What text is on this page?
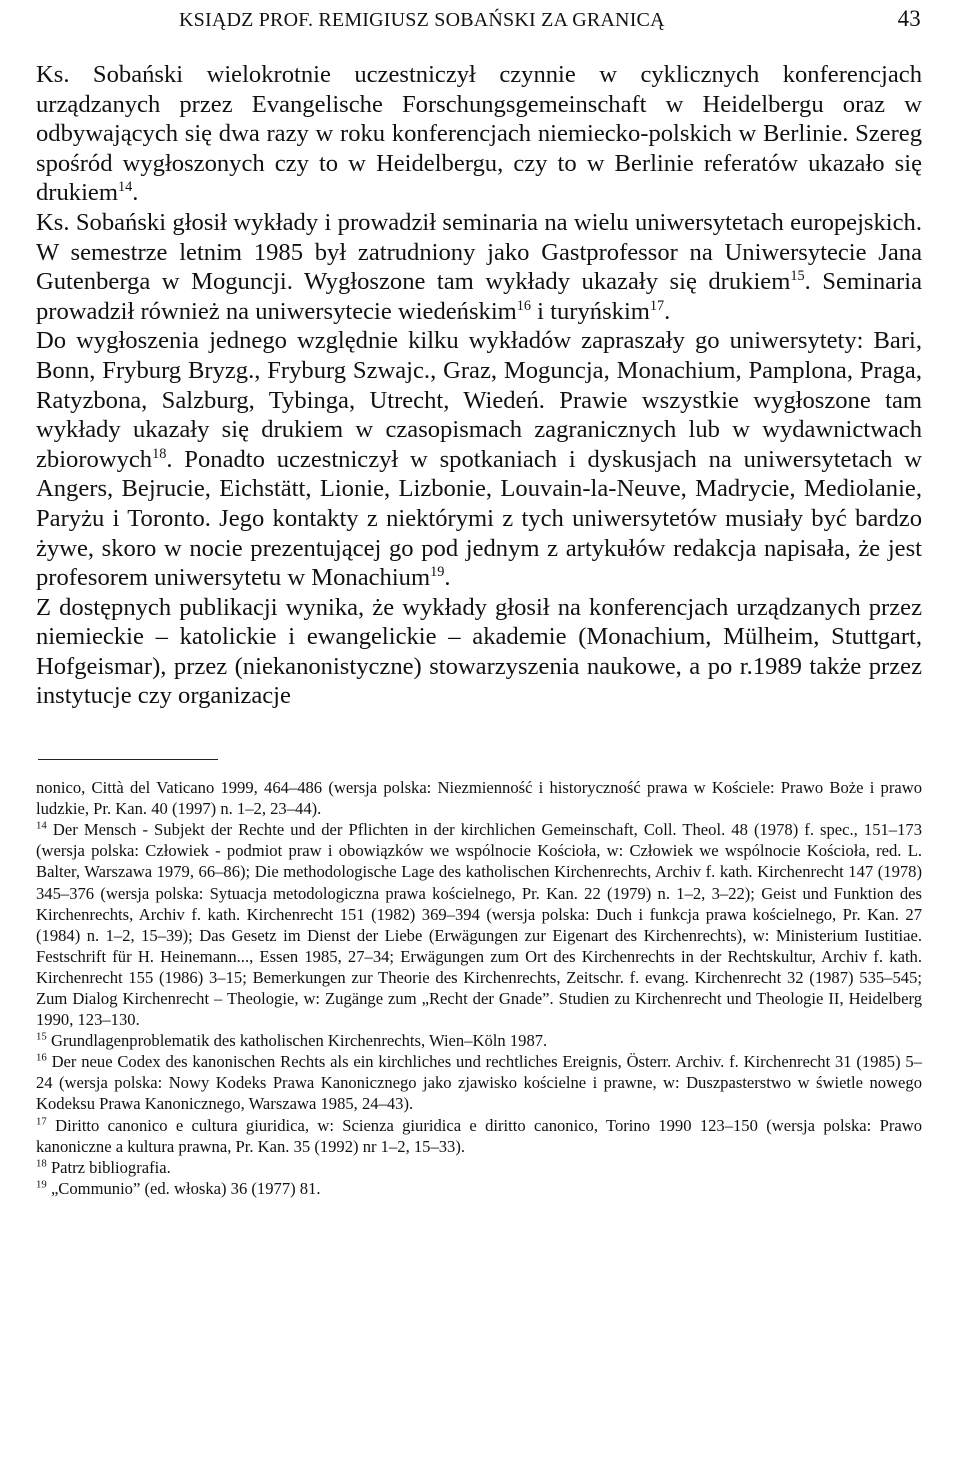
KSIĄDZ PROF. REMIGIUSZ SOBAŃSKI ZA GRANICĄ	43

Ks. Sobański wielokrotnie uczestniczył czynnie w cyklicznych konferencjach urządzanych przez Evangelische Forschungsgemeinschaft w Heidelbergu oraz w odbywających się dwa razy w roku konferencjach niemiecko-polskich w Berlinie. Szereg spośród wygłoszonych czy to w Heidelbergu, czy to w Berlinie referatów ukazało się drukiem$^{14}$.

Ks. Sobański głosił wykłady i prowadził seminaria na wielu uniwersytetach europejskich. W semestrze letnim 1985 był zatrudniony jako Gastprofessor na Uniwersytecie Jana Gutenberga w Moguncji. Wygłoszone tam wykłady ukazały się drukiem$^{15}$. Seminaria prowadził również na uniwersytecie wiedeńskim$^{16}$ i turyńskim$^{17}$.

Do wygłoszenia jednego względnie kilku wykładów zapraszały go uniwersytety: Bari, Bonn, Fryburg Bryzg., Fryburg Szwajc., Graz, Moguncja, Monachium, Pamplona, Praga, Ratyzbona, Salzburg, Tybinga, Utrecht, Wiedeń. Prawie wszystkie wygłoszone tam wykłady ukazały się drukiem w czasopismach zagranicznych lub w wydawnictwach zbiorowych$^{18}$. Ponadto uczestniczył w spotkaniach i dyskusjach na uniwersytetach w Angers, Bejrucie, Eichstätt, Lionie, Lizbonie, Louvain-la-Neuve, Madrycie, Mediolanie, Paryżu i Toronto. Jego kontakty z niektórymi z tych uniwersytetów musiały być bardzo żywe, skoro w nocie prezentującej go pod jednym z artykułów redakcja napisała, że jest profesorem uniwersytetu w Monachium$^{19}$.

Z dostępnych publikacji wynika, że wykłady głosił na konferencjach urządzanych przez niemieckie – katolickie i ewangelickie – akademie (Monachium, Mülheim, Stuttgart, Hofgeismar), przez (niekanonistyczne) stowarzyszenia naukowe, a po r.1989 także przez instytucje czy organizacje

nonico, Città del Vaticano 1999, 464–486 (wersja polska: Niezmienność i historyczność prawa w Kościele: Prawo Boże i prawo ludzkie, Pr. Kan. 40 (1997) n. 1–2, 23–44).

$^{14}$ Der Mensch - Subjekt der Rechte und der Pflichten in der kirchlichen Gemeinschaft, Coll. Theol. 48 (1978) f. spec., 151–173 (wersja polska: Człowiek - podmiot praw i obowiązków we wspólnocie Kościoła, w: Człowiek we wspólnocie Kościoła, red. L. Balter, Warszawa 1979, 66–86); Die methodologische Lage des katholischen Kirchenrechts, Archiv f. kath. Kirchenrecht 147 (1978) 345–376 (wersja polska: Sytuacja metodologiczna prawa kościelnego, Pr. Kan. 22 (1979) n. 1–2, 3–22); Geist und Funktion des Kirchenrechts, Archiv f. kath. Kirchenrecht 151 (1982) 369–394 (wersja polska: Duch i funkcja prawa kościelnego, Pr. Kan. 27 (1984) n. 1–2, 15–39); Das Gesetz im Dienst der Liebe (Erwägungen zur Eigenart des Kirchenrechts), w: Ministerium Iustitiae. Festschrift für H. Heinemann..., Essen 1985, 27–34; Erwägungen zum Ort des Kirchenrechts in der Rechtskultur, Archiv f. kath. Kirchenrecht 155 (1986) 3–15; Bemerkungen zur Theorie des Kirchenrechts, Zeitschr. f. evang. Kirchenrecht 32 (1987) 535–545; Zum Dialog Kirchenrecht – Theologie, w: Zugänge zum „Recht der Gnade”. Studien zu Kirchenrecht und Theologie II, Heidelberg 1990, 123–130.

$^{15}$ Grundlagenproblematik des katholischen Kirchenrechts, Wien–Köln 1987.

$^{16}$ Der neue Codex des kanonischen Rechts als ein kirchliches und rechtliches Ereignis, Österr. Archiv. f. Kirchenrecht 31 (1985) 5–24 (wersja polska: Nowy Kodeks Prawa Kanonicznego jako zjawisko kościelne i prawne, w: Duszpasterstwo w świetle nowego Kodeksu Prawa Kanonicznego, Warszawa 1985, 24–43).

$^{17}$ Diritto canonico e cultura giuridica, w: Scienza giuridica e diritto canonico, Torino 1990 123–150 (wersja polska: Prawo kanoniczne a kultura prawna, Pr. Kan. 35 (1992) nr 1–2, 15–33).

$^{18}$ Patrz bibliografia.

$^{19}$ „Communio” (ed. włoska) 36 (1977) 81.
